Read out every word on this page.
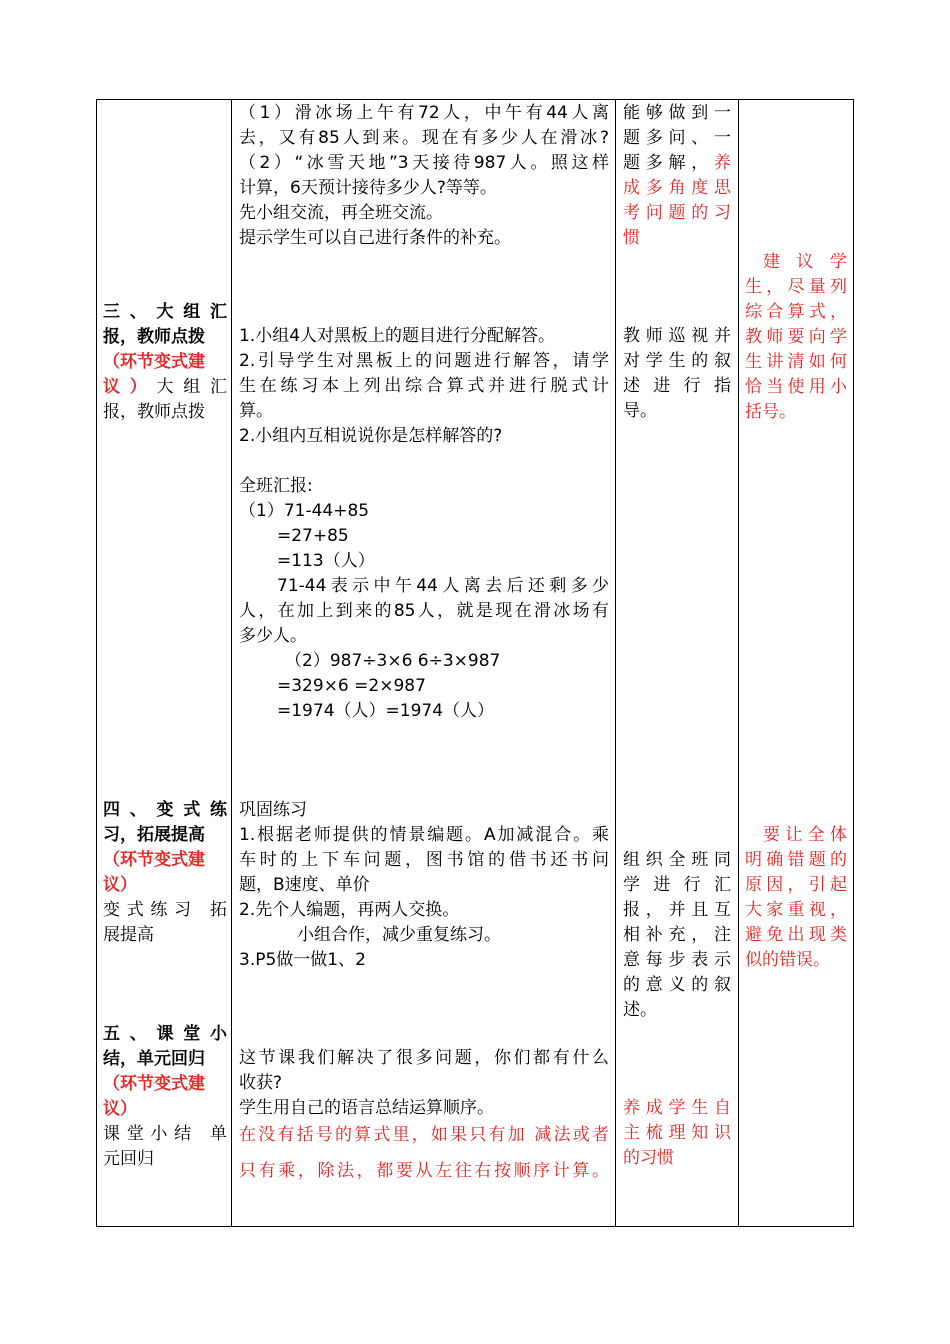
（1）滑冰场上午有72人，中午有44人离
去，又有85人到来。现在有多少人在滑冰?
（2）“冰雪天地”3天接待987人。照这样
计算，6天预计接待多少人?等等。
先小组交流，再全班交流。
提示学生可以自己进行条件的补充。
能够做到一
题多问、一
题多解，养
成多角度思
考问题的习
惯
三、大组汇
报，教师点拨
（环节变式建
议）大组汇
报，教师点拨
1.小组4人对黑板上的题目进行分配解答。
2.引导学生对黑板上的问题进行解答，请学
生在练习本上列出综合算式并进行脱式计
算。
2.小组内互相说说你是怎样解答的?

全班汇报:
（1）71-44+85
=27+85
=113（人）
71-44表示中午44人离去后还剩多少
人，在加上到来的85人，就是现在滑冰场有
多少人。
（2）987÷3×6 6÷3×987
=329×6 =2×987
=1974（人）=1974（人）
教师巡视并
对学生的叙
述进行指
导。
建议学
生，尽量列
综合算式，
教师要向学
生讲清如何
恰当使用小
括号。
四、变式练
习，拓展提高
（环节变式建
议）
变式练习 拓
展提高
巩固练习
1.根据老师提供的情景编题。A加减混合。乘
车时的上下车问题，图书馆的借书还书问
题，B速度、单价
2.先个人编题，再两人交换。
小组合作，减少重复练习。
3.P5做一做1、2
组织全班同
学进行汇
报，并且互
相补充，注
意每步表示
的意义的叙
述。
要让全体
明确错题的
原因，引起
大家重视，
避免出现类
似的错误。
五、课堂小
结，单元回归
（环节变式建
议）
课堂小结 单
元回归
这节课我们解决了很多问题，你们都有什么
收获?
学生用自己的语言总结运算顺序。
在没有括号的算式里，如果只有加 减法或者
只有乘，除法，都要从左往右按顺序计算。
养成学生自
主梳理知识
的习惯
